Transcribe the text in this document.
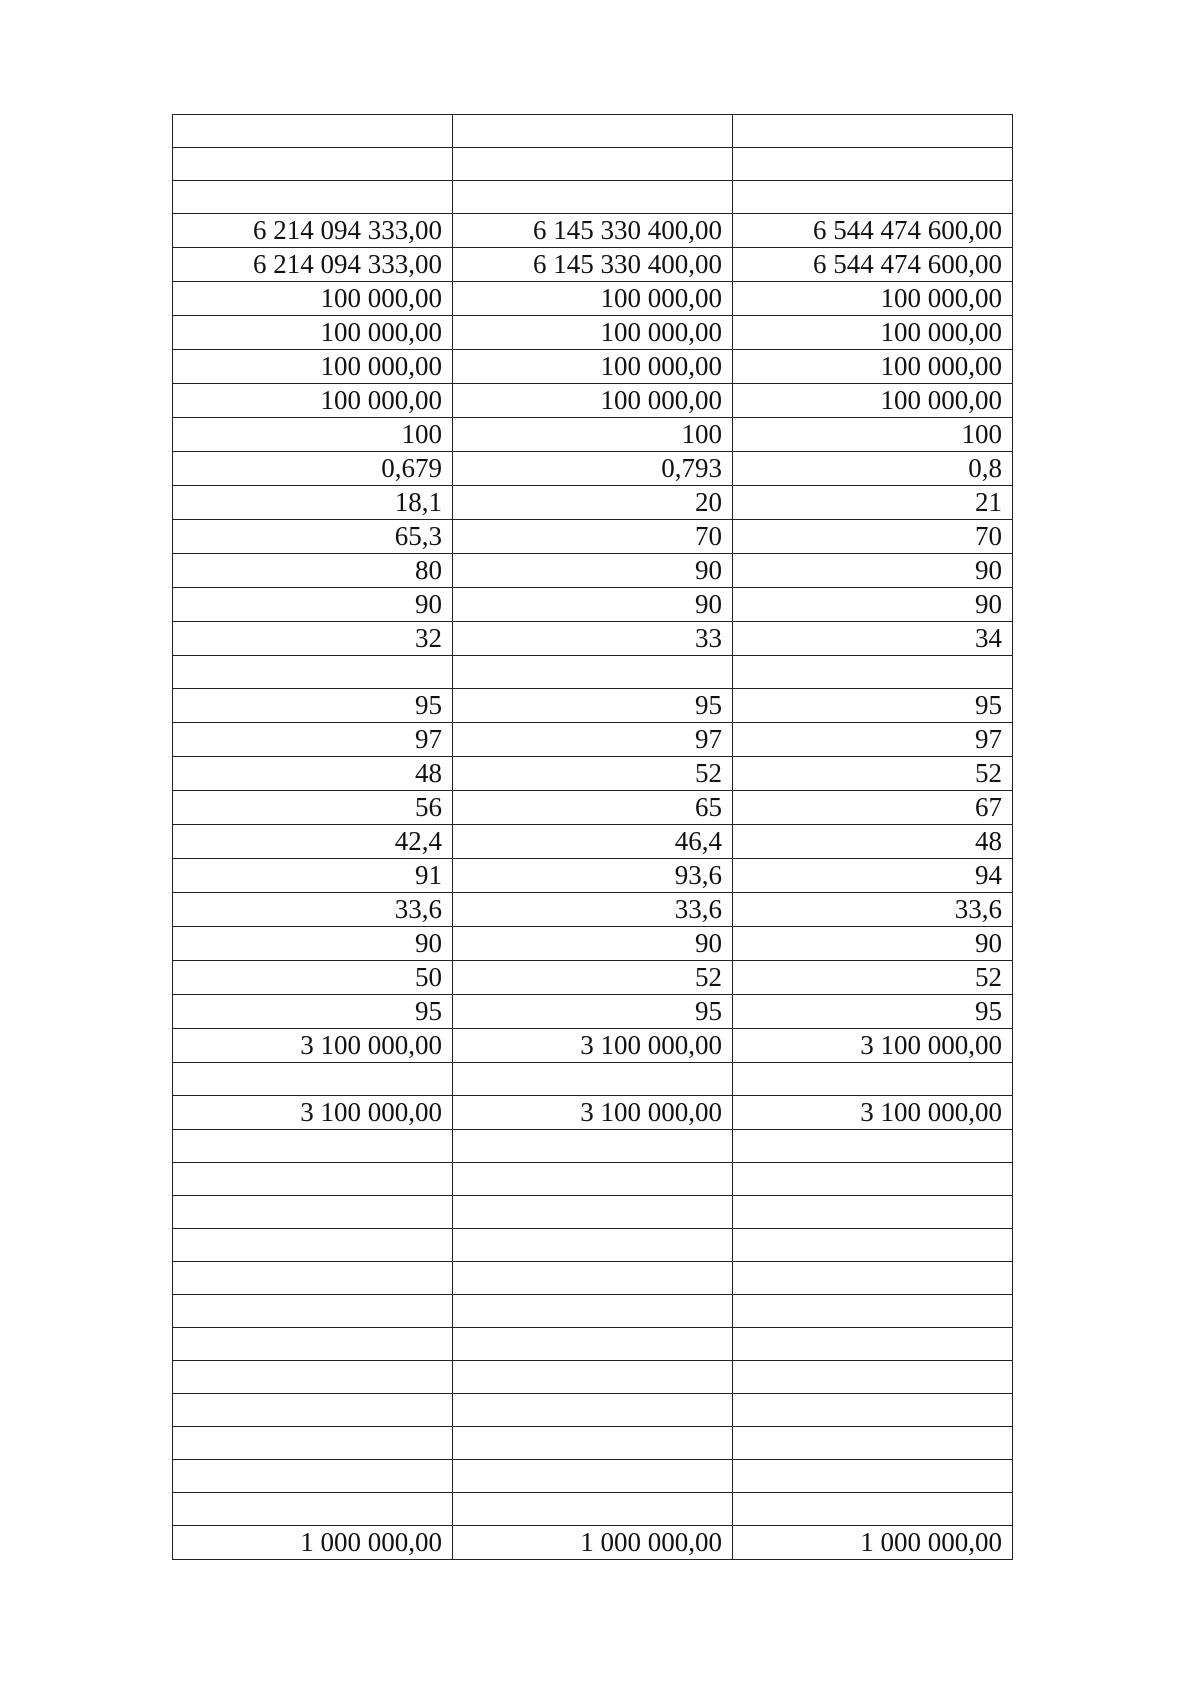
6 214 094 333,00	6 145 330 400,00	6 544 474 600,00
6 214 094 333,00	6 145 330 400,00	6 544 474 600,00
100 000,00	100 000,00	100 000,00
100 000,00	100 000,00	100 000,00
100 000,00	100 000,00	100 000,00
100 000,00	100 000,00	100 000,00
100	100	100
0,679	0,793	0,8
18,1	20	21
65,3	70	70
80	90	90
90	90	90
32	33	34

95	95	95
97	97	97
48	52	52
56	65	67
42,4	46,4	48
91	93,6	94
33,6	33,6	33,6
90	90	90
50	52	52
95	95	95
3 100 000,00	3 100 000,00	3 100 000,00

3 100 000,00	3 100 000,00	3 100 000,00

1 000 000,00	1 000 000,00	1 000 000,00
